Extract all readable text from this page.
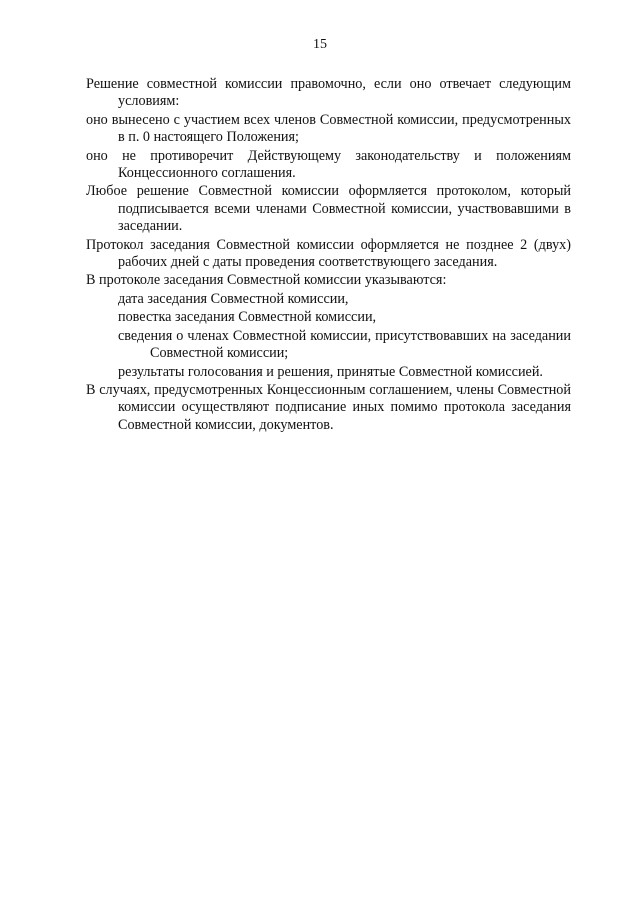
15

Решение совместной комиссии правомочно, если оно отвечает следующим условиям:

оно вынесено с участием всех членов Совместной комиссии, предусмотренных в п. 0 настоящего Положения;

оно не противоречит Действующему законодательству и положениям Концессионного соглашения.

Любое решение Совместной комиссии оформляется протоколом, который подписывается всеми членами Совместной комиссии, участвовавшими в заседании.

Протокол заседания Совместной комиссии оформляется не позднее 2 (двух) рабочих дней с даты проведения соответствующего заседания.

В протоколе заседания Совместной комиссии указываются:

дата заседания Совместной комиссии,

повестка заседания Совместной комиссии,

сведения о членах Совместной комиссии, присутствовавших на заседании Совместной комиссии;

результаты голосования и решения, принятые Совместной комиссией.

В случаях, предусмотренных Концессионным соглашением, члены Совместной комиссии осуществляют подписание иных помимо протокола заседания Совместной комиссии, документов.
